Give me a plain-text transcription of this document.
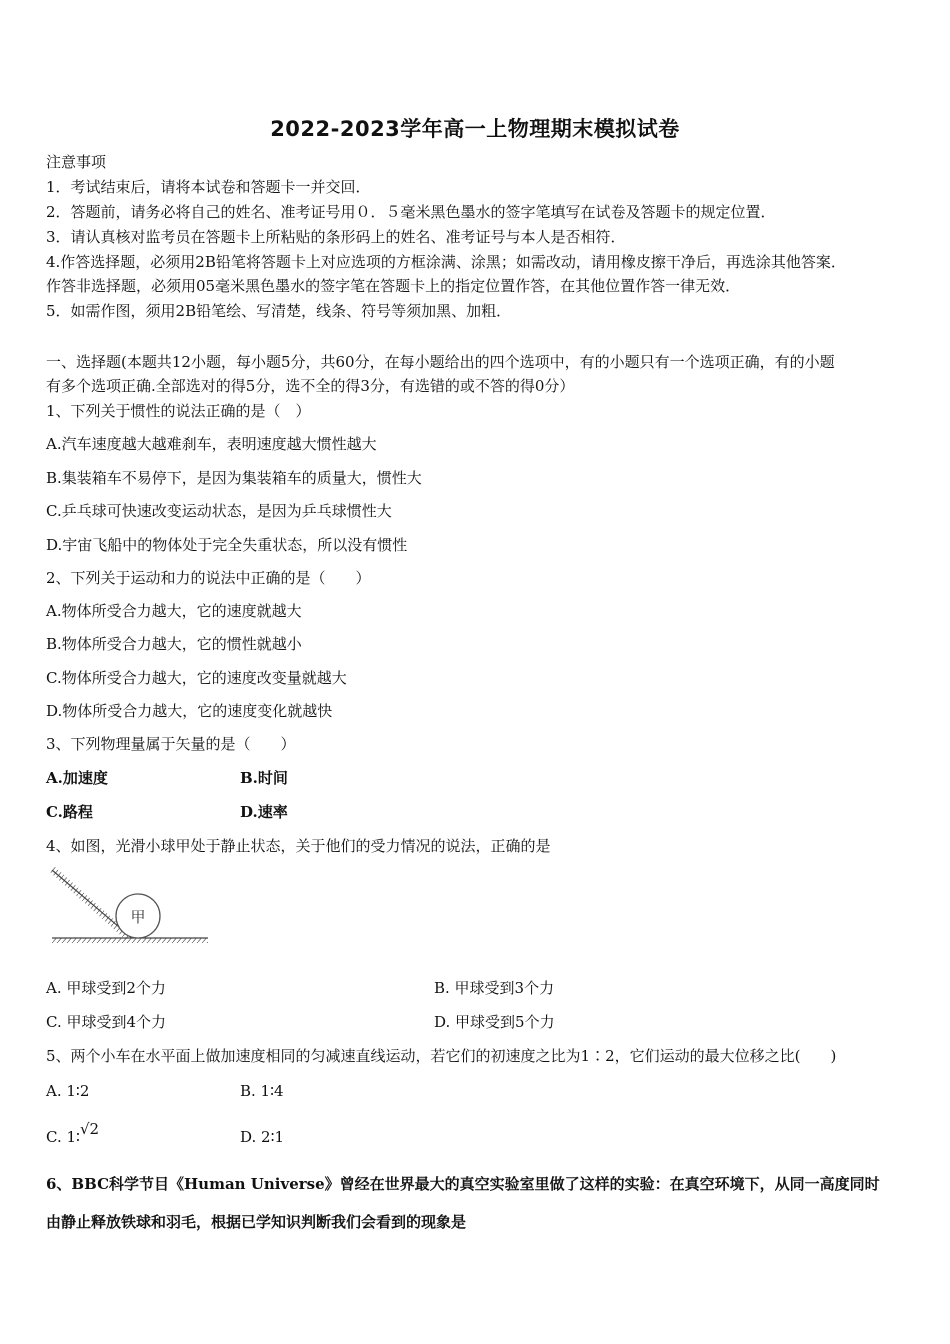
2022-2023学年高一上物理期末模拟试卷
注意事项
1．考试结束后，请将本试卷和答题卡一并交回．
2．答题前，请务必将自己的姓名、准考证号用０．５毫米黑色墨水的签字笔填写在试卷及答题卡的规定位置．
3．请认真核对监考员在答题卡上所粘贴的条形码上的姓名、准考证号与本人是否相符．
4.作答选择题，必须用2B铅笔将答题卡上对应选项的方框涂满、涂黑；如需改动，请用橡皮擦干净后，再选涂其他答案．
作答非选择题，必须用05毫米黑色墨水的签字笔在答题卡上的指定位置作答，在其他位置作答一律无效．
5．如需作图，须用2B铅笔绘、写清楚，线条、符号等须加黑、加粗．
一、选择题(本题共12小题，每小题5分，共60分，在每小题给出的四个选项中，有的小题只有一个选项正确，有的小题
有多个选项正确.全部选对的得5分，选不全的得3分，有选错的或不答的得0分）
1、下列关于惯性的说法正确的是（　）
A.汽车速度越大越难刹车，表明速度越大惯性越大
B.集装箱车不易停下，是因为集装箱车的质量大，惯性大
C.乒乓球可快速改变运动状态，是因为乒乓球惯性大
D.宇宙飞船中的物体处于完全失重状态，所以没有惯性
2、下列关于运动和力的说法中正确的是（　　）
A.物体所受合力越大，它的速度就越大
B.物体所受合力越大，它的惯性就越小
C.物体所受合力越大，它的速度改变量就越大
D.物体所受合力越大，它的速度变化就越快
3、下列物理量属于矢量的是（　　）
A.加速度	B.时间
C.路程	D.速率
4、如图，光滑小球甲处于静止状态，关于他们的受力情况的说法，正确的是
甲
A. 甲球受到2个力	B. 甲球受到3个力
C. 甲球受到4个力	D. 甲球受到5个力
5、两个小车在水平面上做加速度相同的匀减速直线运动，若它们的初速度之比为1∶2，它们运动的最大位移之比(　　)
A. 1∶2	B. 1∶4
C. 1∶√2	D. 2∶1
6、BBC科学节目《Human Universe》曾经在世界最大的真空实验室里做了这样的实验：在真空环境下，从同一高度同时
由静止释放铁球和羽毛，根据已学知识判断我们会看到的现象是
